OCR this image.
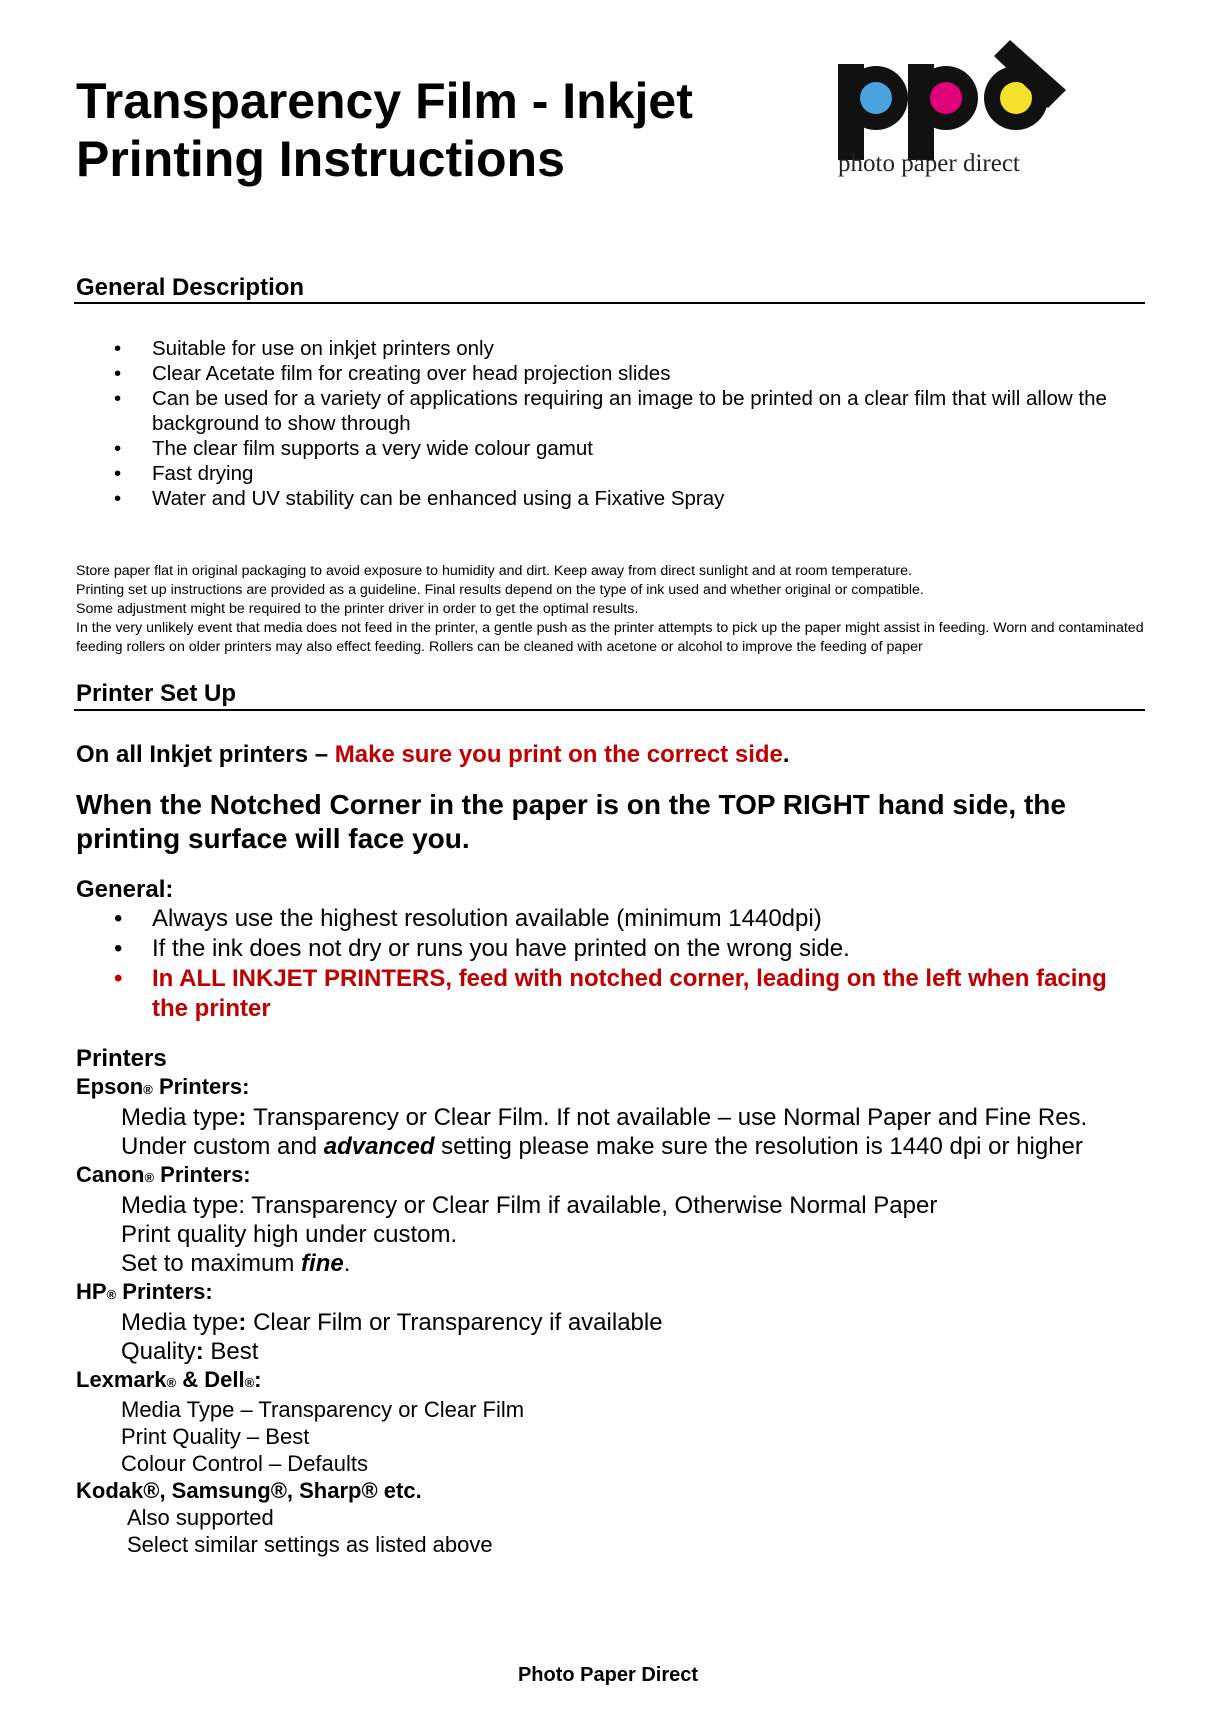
Transparency Film - Inkjet
Printing Instructions	photo paper direct
General Description
• Suitable for use on inkjet printers only
• Clear Acetate film for creating over head projection slides
• Can be used for a variety of applications requiring an image to be printed on a clear film that will allow the background to show through
• The clear film supports a very wide colour gamut
• Fast drying
• Water and UV stability can be enhanced using a Fixative Spray

Store paper flat in original packaging to avoid exposure to humidity and dirt. Keep away from direct sunlight and at room temperature.

Printing set up instructions are provided as a guideline. Final results depend on the type of ink used and whether original or compatible.

Some adjustment might be required to the printer driver in order to get the optimal results.

In the very unlikely event that media does not feed in the printer, a gentle push as the printer attempts to pick up the paper might assist in feeding. Worn and contaminated feeding rollers on older printers may also effect feeding. Rollers can be cleaned with acetone or alcohol to improve the feeding of paper

Printer Set Up
On all Inkjet printers – Make sure you print on the correct side.

When the Notched Corner in the paper is on the TOP RIGHT hand side, the printing surface will face you.

General:
• Always use the highest resolution available (minimum 1440dpi)
• If the ink does not dry or runs you have printed on the wrong side.
• In ALL INKJET PRINTERS, feed with notched corner, leading on the left when facing the printer
Printers
Epson® Printers:
Media type: Transparency or Clear Film. If not available – use Normal Paper and Fine Res.
Under custom and advanced setting please make sure the resolution is 1440 dpi or higher
Canon® Printers:
Media type: Transparency or Clear Film if available, Otherwise Normal Paper
Print quality high under custom.
Set to maximum fine.
HP® Printers:
Media type: Clear Film or Transparency if available
Quality: Best
Lexmark® & Dell®:
Media Type – Transparency or Clear Film
Print Quality – Best
Colour Control – Defaults
Kodak®, Samsung®, Sharp® etc.
Also supported
Select similar settings as listed above
Photo Paper Direct
